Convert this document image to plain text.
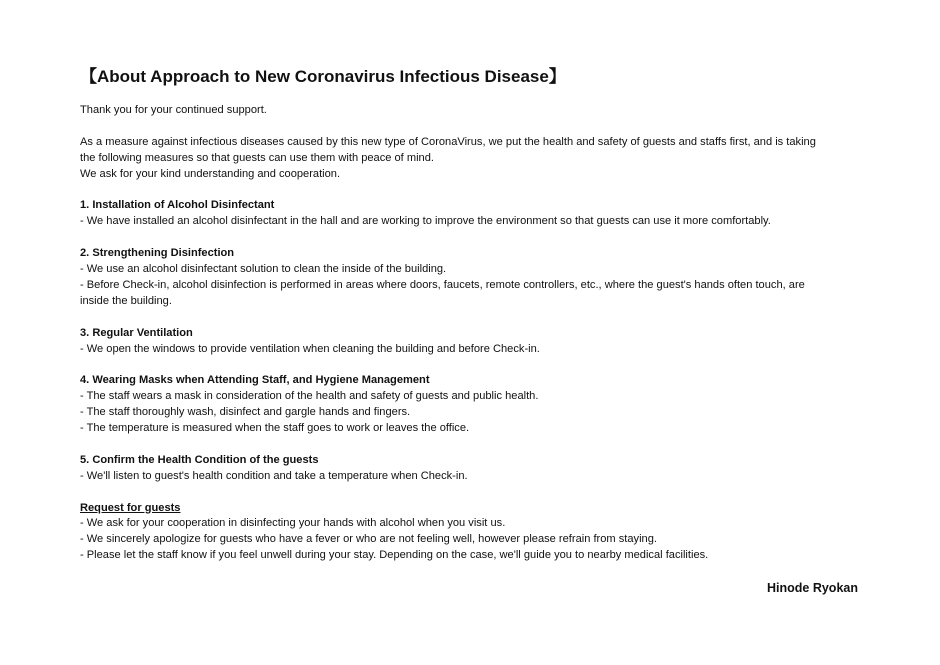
【About Approach to New Coronavirus Infectious Disease】
Thank you for your continued support.
As a measure against infectious diseases caused by this new type of CoronaVirus, we put the health and safety of guests and staffs first, and is taking
the following measures so that guests can use them with peace of mind.
We ask for your kind understanding and cooperation.
1. Installation of Alcohol Disinfectant
- We have installed an alcohol disinfectant in the hall and are working to improve the environment so that guests can use it more comfortably.
2. Strengthening Disinfection
- We use an alcohol disinfectant solution to clean the inside of the building.
- Before Check-in, alcohol disinfection is performed in areas where doors, faucets, remote controllers, etc., where the guest's hands often touch, are
inside the building.
3. Regular Ventilation
- We open the windows to provide ventilation when cleaning the building and before Check-in.
4. Wearing Masks when Attending Staff, and Hygiene Management
- The staff wears a mask in consideration of the health and safety of guests and public health.
- The staff thoroughly wash, disinfect and gargle hands and fingers.
- The temperature is measured when the staff goes to work or leaves the office.
5. Confirm the Health Condition of the guests
- We'll listen to guest's health condition and take a temperature when Check-in.
Request for guests
- We ask for your cooperation in disinfecting your hands with alcohol when you visit us.
- We sincerely apologize for guests who have a fever or who are not feeling well, however please refrain from staying.
- Please let the staff know if you feel unwell during your stay. Depending on the case, we'll guide you to nearby medical facilities.
Hinode Ryokan
